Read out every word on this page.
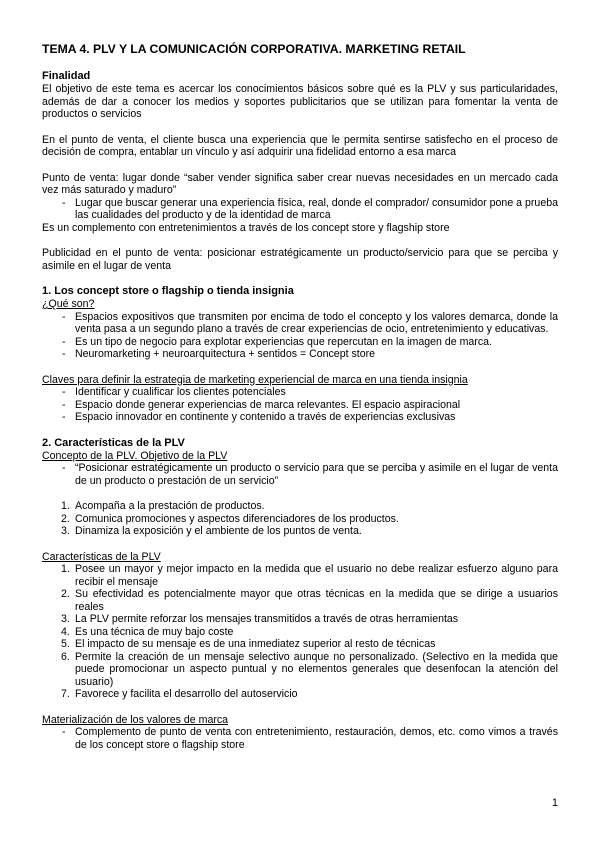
TEMA 4. PLV Y LA COMUNICACIÓN CORPORATIVA. MARKETING RETAIL
Finalidad

El objetivo de este tema es acercar los conocimientos básicos sobre qué es la PLV y sus particularidades, además de dar a conocer los medios y soportes publicitarios que se utilizan para fomentar la venta de productos o servicios

En el punto de venta, el cliente busca una experiencia que le permita sentirse satisfecho en el proceso de decisión de compra, entablar un vínculo y así adquirir una fidelidad entorno a esa marca

Punto de venta: lugar donde “saber vender significa saber crear nuevas necesidades en un mercado cada vez más saturado y maduro”

- Lugar que buscar generar una experiencia física, real, donde el comprador/ consumidor pone a prueba las cualidades del producto y de la identidad de marca

Es un complemento con entretenimientos a través de los concept store y flagship store

Publicidad en el punto de venta: posicionar estratégicamente un producto/servicio para que se perciba y asimile en el lugar de venta

1. Los concept store o flagship o tienda insignia

¿Qué son?

- Espacios expositivos que transmiten por encima de todo el concepto y los valores demarca, donde la venta pasa a un segundo plano a través de crear experiencias de ocio, entretenimiento y educativas.
- Es un tipo de negocio para explotar experiencias que repercutan en la imagen de marca.
- Neuromarketing + neuroarquitectura + sentidos = Concept store

Claves para definir la estrategia de marketing experiencial de marca en una tienda insignia

- Identificar y cualificar los clientes potenciales
- Espacio donde generar experiencias de marca relevantes. El espacio aspiracional
- Espacio innovador en continente y contenido a través de experiencias exclusivas
2. Características de la PLV

Concepto de la PLV. Objetivo de la PLV

- “Posicionar estratégicamente un producto o servicio para que se perciba y asimile en el lugar de venta de un producto o prestación de un servicio”
1. Acompaña a la prestación de productos.
2. Comunica promociones y aspectos diferenciadores de los productos.
3. Dinamiza la exposición y el ambiente de los puntos de venta.

Características de la PLV

1. Posee un mayor y mejor impacto en la medida que el usuario no debe realizar esfuerzo alguno para recibir el mensaje
2. Su efectividad es potencialmente mayor que otras técnicas en la medida que se dirige a usuarios reales
3. La PLV permite reforzar los mensajes transmitidos a través de otras herramientas
4. Es una técnica de muy bajo coste
5. El impacto de su mensaje es de una inmediatez superior al resto de técnicas
6. Permite la creación de un mensaje selectivo aunque no personalizado. (Selectivo en la medida que puede promocionar un aspecto puntual y no elementos generales que desenfocan la atención del usuario)
7. Favorece y facilita el desarrollo del autoservicio

Materialización de los valores de marca

- Complemento de punto de venta con entretenimiento, restauración, demos, etc. como vimos a través de los concept store o flagship store
1
